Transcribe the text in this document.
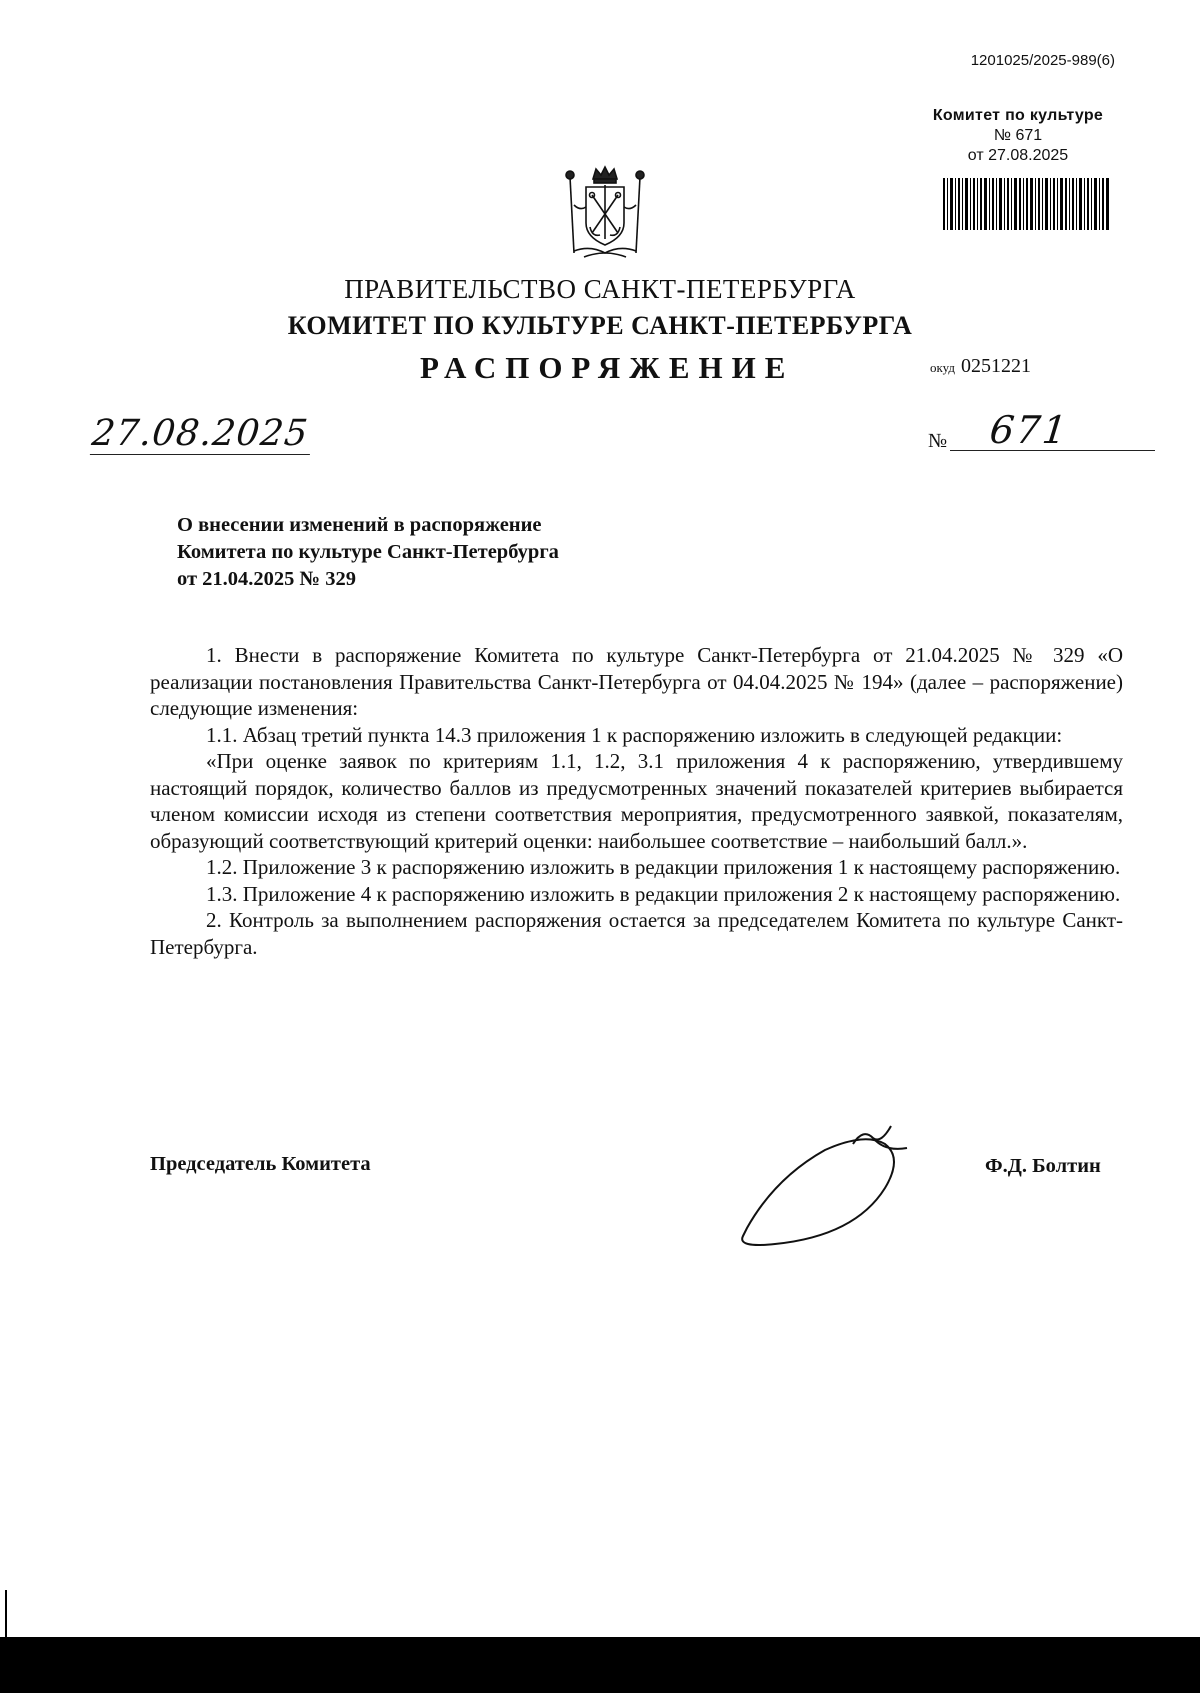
1201025/2025-989(6)
Комитет по культуре
№ 671
от 27.08.2025
ПРАВИТЕЛЬСТВО САНКТ-ПЕТЕРБУРГА
КОМИТЕТ ПО КУЛЬТУРЕ САНКТ-ПЕТЕРБУРГА
РАСПОРЯЖЕНИЕ	окуд 0251221
27.08.2025	№ 671
О внесении изменений в распоряжение
Комитета по культуре Санкт-Петербурга
от 21.04.2025 № 329

1. Внести в распоряжение Комитета по культуре Санкт-Петербурга от 21.04.2025 № 329 «О реализации постановления Правительства Санкт-Петербурга от 04.04.2025 № 194» (далее – распоряжение) следующие изменения:

1.1. Абзац третий пункта 14.3 приложения 1 к распоряжению изложить в следующей редакции:

«При оценке заявок по критериям 1.1, 1.2, 3.1 приложения 4 к распоряжению, утвердившему настоящий порядок, количество баллов из предусмотренных значений показателей критериев выбирается членом комиссии исходя из степени соответствия мероприятия, предусмотренного заявкой, показателям, образующий соответствующий критерий оценки: наибольшее соответствие – наибольший балл.».

1.2. Приложение 3 к распоряжению изложить в редакции приложения 1 к настоящему распоряжению.

1.3. Приложение 4 к распоряжению изложить в редакции приложения 2 к настоящему распоряжению.

2. Контроль за выполнением распоряжения остается за председателем Комитета по культуре Санкт-Петербурга.

Председатель Комитета	Ф.Д. Болтин
